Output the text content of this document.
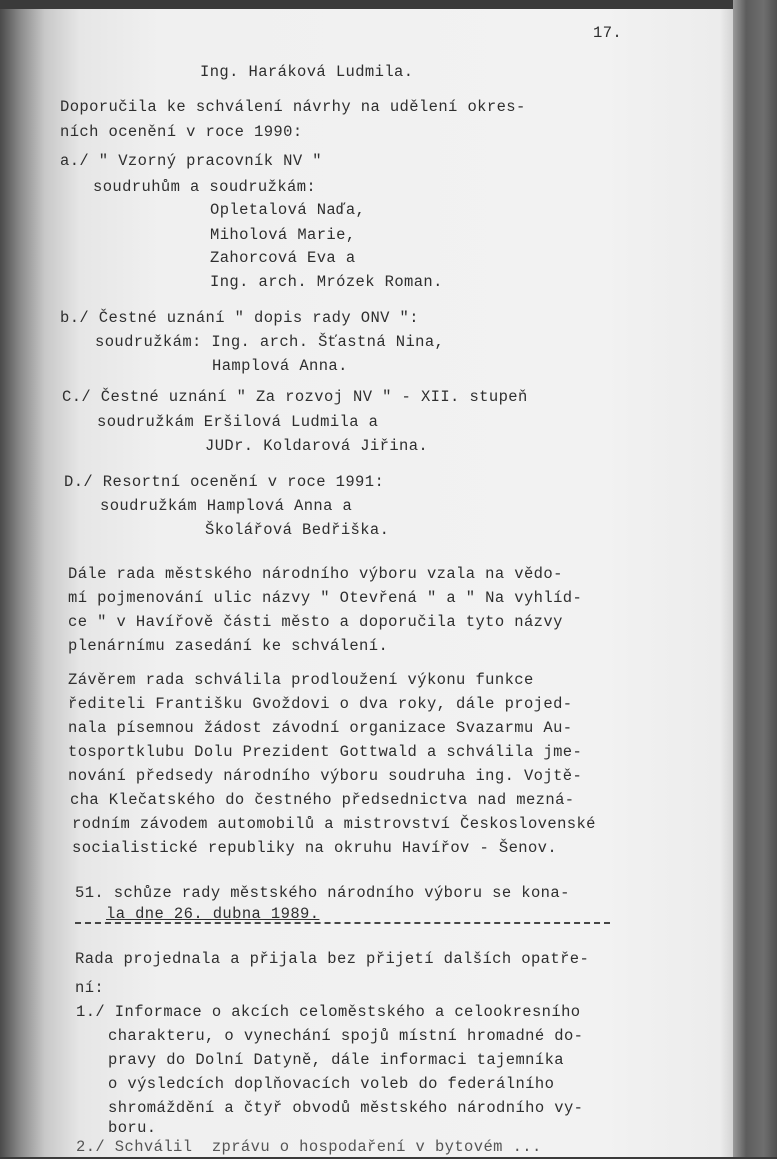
17.
Ing. Haráková Ludmila.
Doporučila ke schválení návrhy na udělení okres-
ních ocenění v roce 1990:
a./ " Vzorný pracovník NV "
soudruhům a soudružkám:
Opletalová Naďa,
Miholová Marie,
Zahorcová Eva a
Ing. arch. Mrózek Roman.
b./ Čestné uznání " dopis rady ONV ":
soudružkám: Ing. arch. Šťastná Nina,
Hamplová Anna.
C./ Čestné uznání " Za rozvoj NV " - XII. stupeň
soudružkám Eršilová Ludmila a
JUDr. Koldarová Jiřina.
D./ Resortní ocenění v roce 1991:
soudružkám Hamplová Anna a
Školářová Bedřiška.
Dále rada městského národního výboru vzala na vědo-
mí pojmenování ulic názvy " Otevřená " a " Na vyhlíd-
ce " v Havířově části město a doporučila tyto názvy
plenárnímu zasedání ke schválení.
Závěrem rada schválila prodloužení výkonu funkce
řediteli Františku Gvoždovi o dva roky, dále projed-
nala písemnou žádost závodní organizace Svazarmu Au-
tosportklubu Dolu Prezident Gottwald a schválila jme-
nování předsedy národního výboru soudruha ing. Vojtě-
cha Klečatského do čestného předsednictva nad mezná-
rodním závodem automobilů a mistrovství Československé
socialistické republiky na okruhu Havířov - Šenov.
51. schůze rady městského národního výboru se kona-
la dne 26. dubna 1989.
Rada projednala a přijala bez přijetí dalších opatře-
ní:
1./ Informace o akcích celoměstského a celookresního
charakteru, o vynechání spojů místní hromadné do-
pravy do Dolní Datyně, dále informaci tajemníka
o výsledcích doplňovacích voleb do federálního
shromáždění a čtyř obvodů městského národního vy-
boru.
2./ Schválil  zprávu o hospodaření v bytovém ...
